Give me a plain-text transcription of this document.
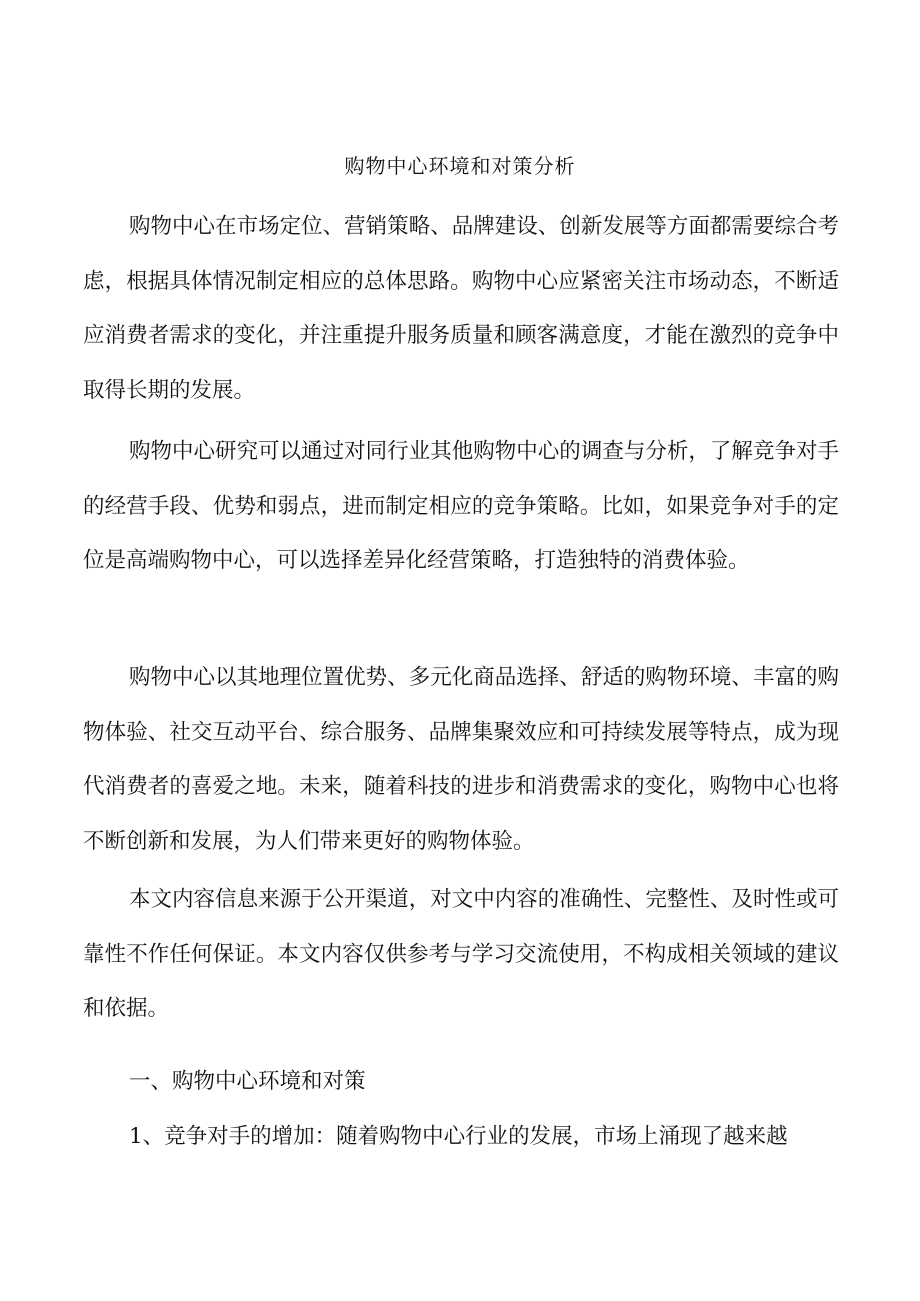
购物中心环境和对策分析

购物中心在市场定位、营销策略、品牌建设、创新发展等方面都需要综合考虑，根据具体情况制定相应的总体思路。购物中心应紧密关注市场动态，不断适应消费者需求的变化，并注重提升服务质量和顾客满意度，才能在激烈的竞争中取得长期的发展。

购物中心研究可以通过对同行业其他购物中心的调查与分析，了解竞争对手的经营手段、优势和弱点，进而制定相应的竞争策略。比如，如果竞争对手的定位是高端购物中心，可以选择差异化经营策略，打造独特的消费体验。

购物中心以其地理位置优势、多元化商品选择、舒适的购物环境、丰富的购物体验、社交互动平台、综合服务、品牌集聚效应和可持续发展等特点，成为现代消费者的喜爱之地。未来，随着科技的进步和消费需求的变化，购物中心也将不断创新和发展，为人们带来更好的购物体验。

本文内容信息来源于公开渠道，对文中内容的准确性、完整性、及时性或可靠性不作任何保证。本文内容仅供参考与学习交流使用，不构成相关领域的建议和依据。

一、购物中心环境和对策

1、竞争对手的增加：随着购物中心行业的发展，市场上涌现了越来越
